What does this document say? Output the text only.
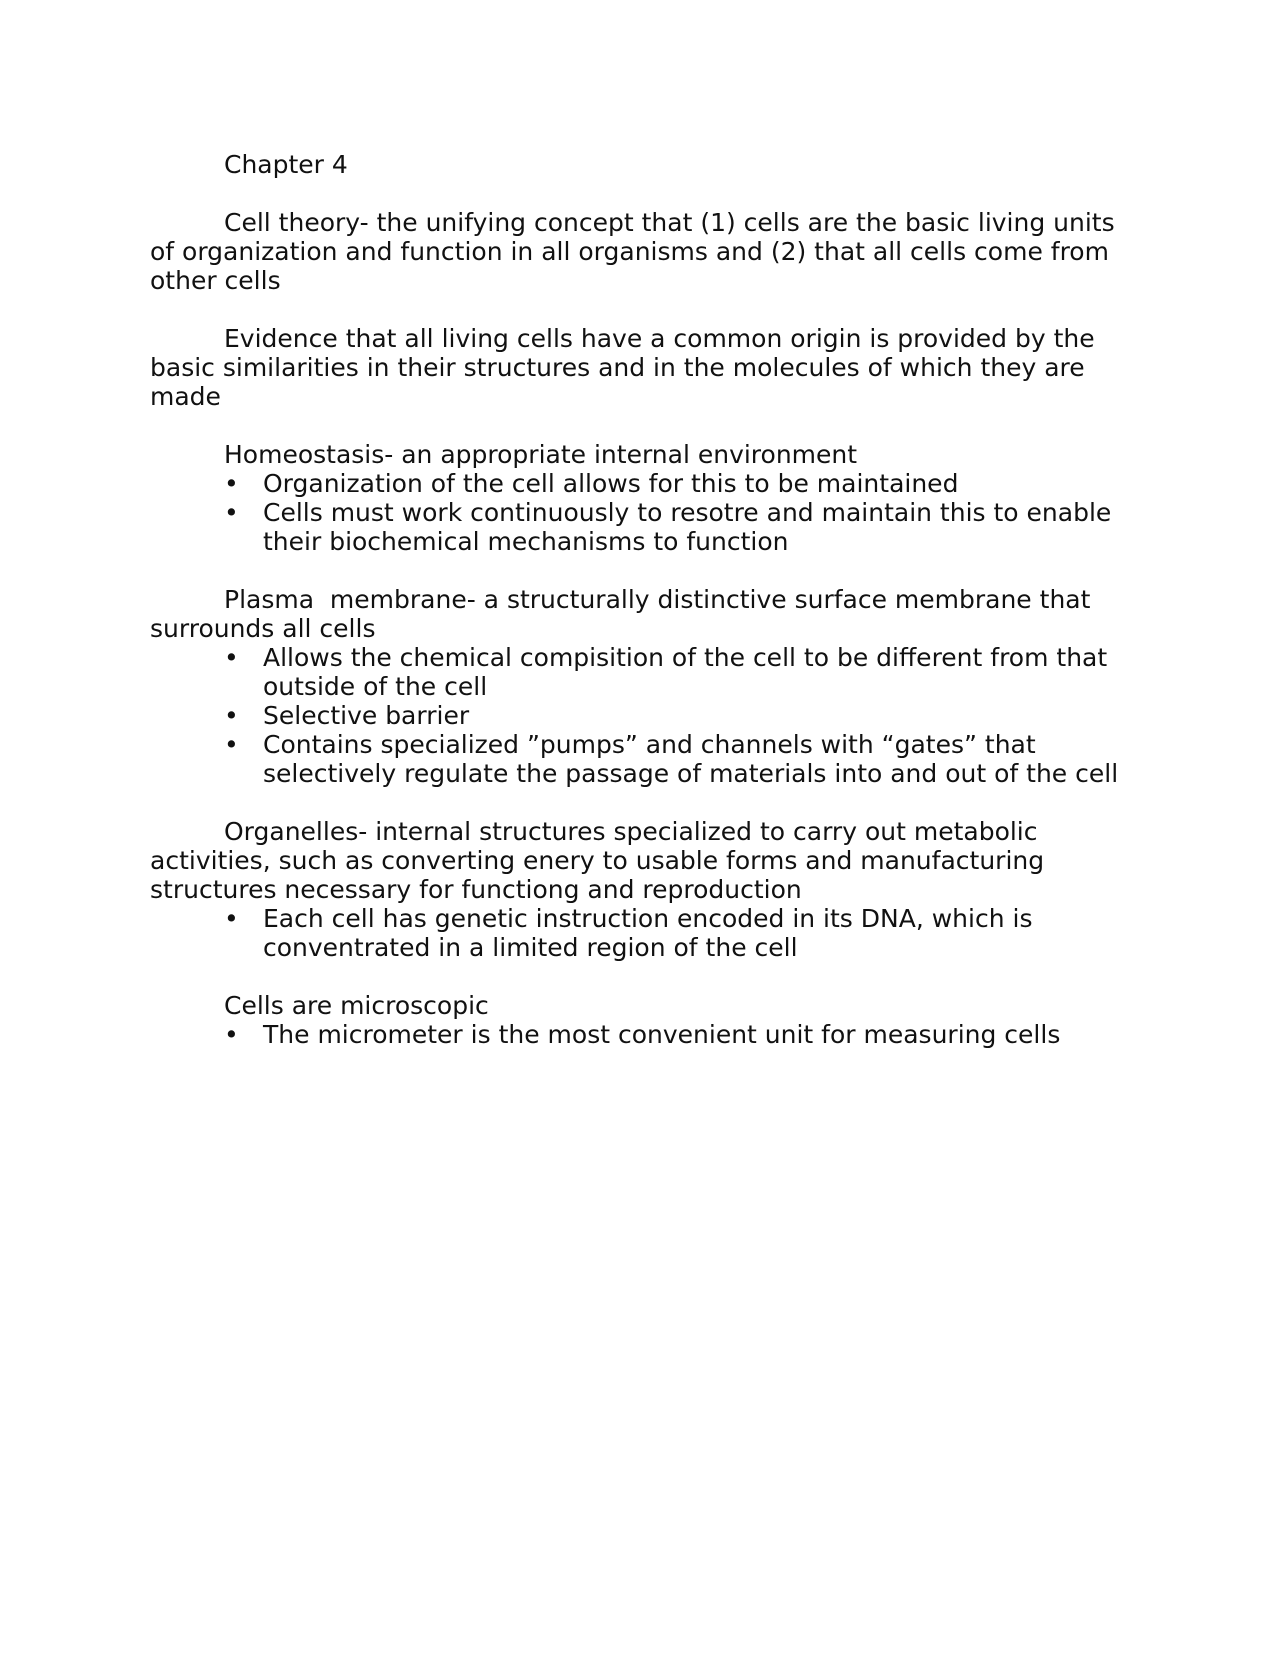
Chapter 4
Cell theory- the unifying concept that (1) cells are the basic living units of organization and function in all organisms and (2) that all cells come from other cells
Evidence that all living cells have a common origin is provided by the basic similarities in their structures and in the molecules of which they are made
Homeostasis- an appropriate internal environment
• Organization of the cell allows for this to be maintained
• Cells must work continuously to resotre and maintain this to enable their biochemical mechanisms to function
Plasma  membrane- a structurally distinctive surface membrane that surrounds all cells
• Allows the chemical compisition of the cell to be different from that outside of the cell
• Selective barrier
• Contains specialized ”pumps” and channels with “gates” that selectively regulate the passage of materials into and out of the cell
Organelles- internal structures specialized to carry out metabolic activities, such as converting enery to usable forms and manufacturing structures necessary for functiong and reproduction
• Each cell has genetic instruction encoded in its DNA, which is conventrated in a limited region of the cell
Cells are microscopic
• The micrometer is the most convenient unit for measuring cells
